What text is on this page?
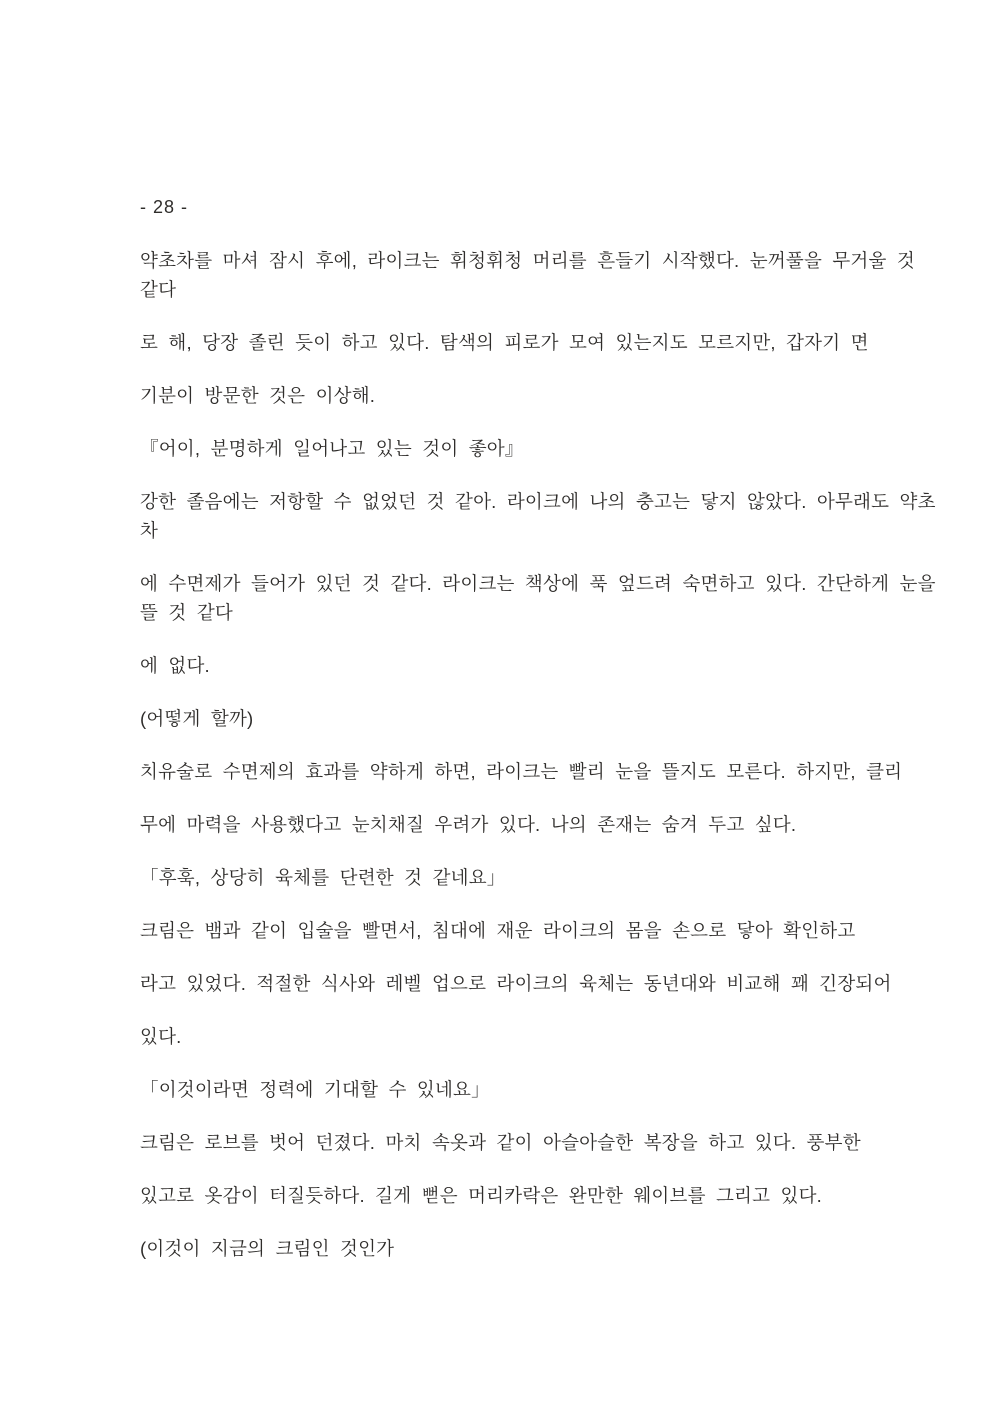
- 28 -
약초차를 마셔 잠시 후에, 라이크는 휘청휘청 머리를 흔들기 시작했다. 눈꺼풀을 무거울 것
같다
로 해, 당장 졸린 듯이 하고 있다. 탐색의 피로가 모여 있는지도 모르지만, 갑자기 면
기분이 방문한 것은 이상해.
『어이, 분명하게 일어나고 있는 것이 좋아』
강한 졸음에는 저항할 수 없었던 것 같아. 라이크에 나의 충고는 닿지 않았다. 아무래도 약초
차
에 수면제가 들어가 있던 것 같다. 라이크는 책상에 푹 엎드려 숙면하고 있다. 간단하게 눈을
뜰 것 같다
에 없다.
(어떻게 할까)
치유술로 수면제의 효과를 약하게 하면, 라이크는 빨리 눈을 뜰지도 모른다. 하지만, 클리
무에 마력을 사용했다고 눈치채질 우려가 있다. 나의 존재는 숨겨 두고 싶다.
「후훅, 상당히 육체를 단련한 것 같네요」
크림은 뱀과 같이 입술을 빨면서, 침대에 재운 라이크의 몸을 손으로 닿아 확인하고
라고 있었다. 적절한 식사와 레벨 업으로 라이크의 육체는 동년대와 비교해 꽤 긴장되어
있다.
「이것이라면 정력에 기대할 수 있네요」
크림은 로브를 벗어 던졌다. 마치 속옷과 같이 아슬아슬한 복장을 하고 있다. 풍부한
있고로 옷감이 터질듯하다. 길게 뻗은 머리카락은 완만한 웨이브를 그리고 있다.
(이것이 지금의 크림인 것인가
